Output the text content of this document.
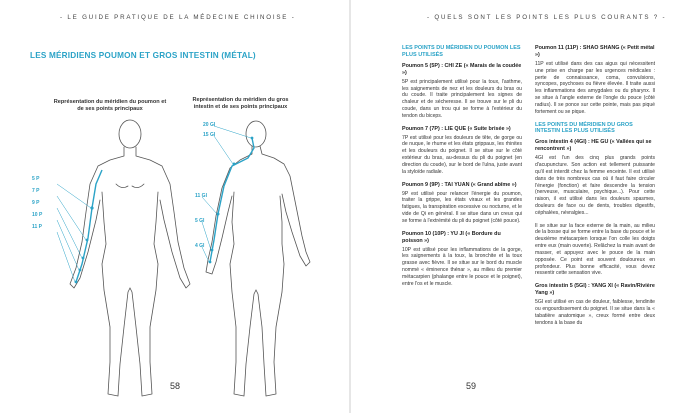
- LE GUIDE PRATIQUE DE LA MÉDECINE CHINOISE -
LES MÉRIDIENS POUMON ET GROS INTESTIN (MÉTAL)
Représentation du méridien du poumon et de ses points principaux
Représentation du méridien du gros intestin et de ses points principaux
5 P
7 P
9 P
10 P
11 P
20 GI
15 GI
11 GI
5 GI
4 GI
58
- QUELS SONT LES POINTS LES PLUS COURANTS ? -
LES POINTS DU MÉRIDIEN DU POUMON LES PLUS UTILISÉS
Poumon 5 (5P) : CHI ZE (« Marais de la coudée »)

5P est principalement utilisé pour la toux, l'asthme, les saignements de nez et les douleurs du bras ou du coude. Il traite principalement les signes de chaleur et de sécheresse. Il se trouve sur le pli du coude, dans un trou qui se forme à l'extérieur du tendon du biceps.

Poumon 7 (7P) : LIE QUE (« Suite brisée »)

7P est utilisé pour les douleurs de tête, de gorge ou de nuque, le rhume et les états grippaux, les rhinites et les douleurs du poignet. Il se situe sur le côté extérieur du bras, au-dessus du pli du poignet (en direction du coude), sur le bord de l'ulna, juste avant la styloïde radiale.

Poumon 9 (9P) : TAI YUAN (« Grand abîme »)

9P est utilisé pour relancer l'énergie du poumon, traiter la grippe, les états viraux et les grandes fatigues, la transpiration excessive ou nocturne, et le vide de Qi en général. Il se situe dans un creux qui se forme à l'extrémité du pli du poignet (côté pouce).

Poumon 10 (10P) : YU JI (« Bordure du poisson »)

10P est utilisé pour les inflammations de la gorge, les saignements à la toux, la bronchite et la toux grasse avec fièvre. Il se situe sur le bord du muscle nommé « éminence thénar », au milieu du premier métacarpien (phalange entre le pouce et le poignet), entre l'os et le muscle.

Poumon 11 (11P) : SHAO SHANG (« Petit métal »)

11P est utilisé dans des cas aigus qui nécessitent une prise en charge par les urgences médicales : perte de connaissance, coma, convulsions, syncopes, psychoses ou fièvre élevée. Il traite aussi les inflammations des amygdales ou du pharynx. Il se situe à l'angle externe de l'ongle du pouce (côté radius). Il se ponce sur cette pointe, mais pas piqué fortement ou se pique.

LES POINTS DU MÉRIDIEN DU GROS INTESTIN LES PLUS UTILISÉS
Gros intestin 4 (4GI) : HE GU (« Vallées qui se rencontrent »)

4GI est l'un des cinq plus grands points d'acupuncture. Son action est tellement puissante qu'il est interdit chez la femme enceinte. Il est utilisé dans de très nombreux cas où il faut faire circuler l'énergie (fonction) et faire descendre la tension (nerveuse, musculaire, psychique...). Pour cette raison, il est utilisé dans les douleurs spasmes, douleurs de face ou de dents, troubles digestifs, céphalées, névralgies...

Il se situe sur la face externe de la main, au milieu de la bosse qui se forme entre la base du pouce et le deuxième métacarpien lorsque l'on colle les doigts entre eux (main ouverte). Relâchez la main avant de masser, et appuyez avec le pouce de la main opposée. Ce point est souvent douloureux en profondeur. Plus bonne efficacité, vous devez ressentir cette sensation vive.

Gros intestin 5 (5GI) : YANG XI (« Ravin/Rivière Yang »)

5GI est utilisé en cas de douleur, faiblesse, tendinite ou engourdissement du poignet. Il se situe dans la « tabatière anatomique », creux formé entre deux tendons à la base du

59
